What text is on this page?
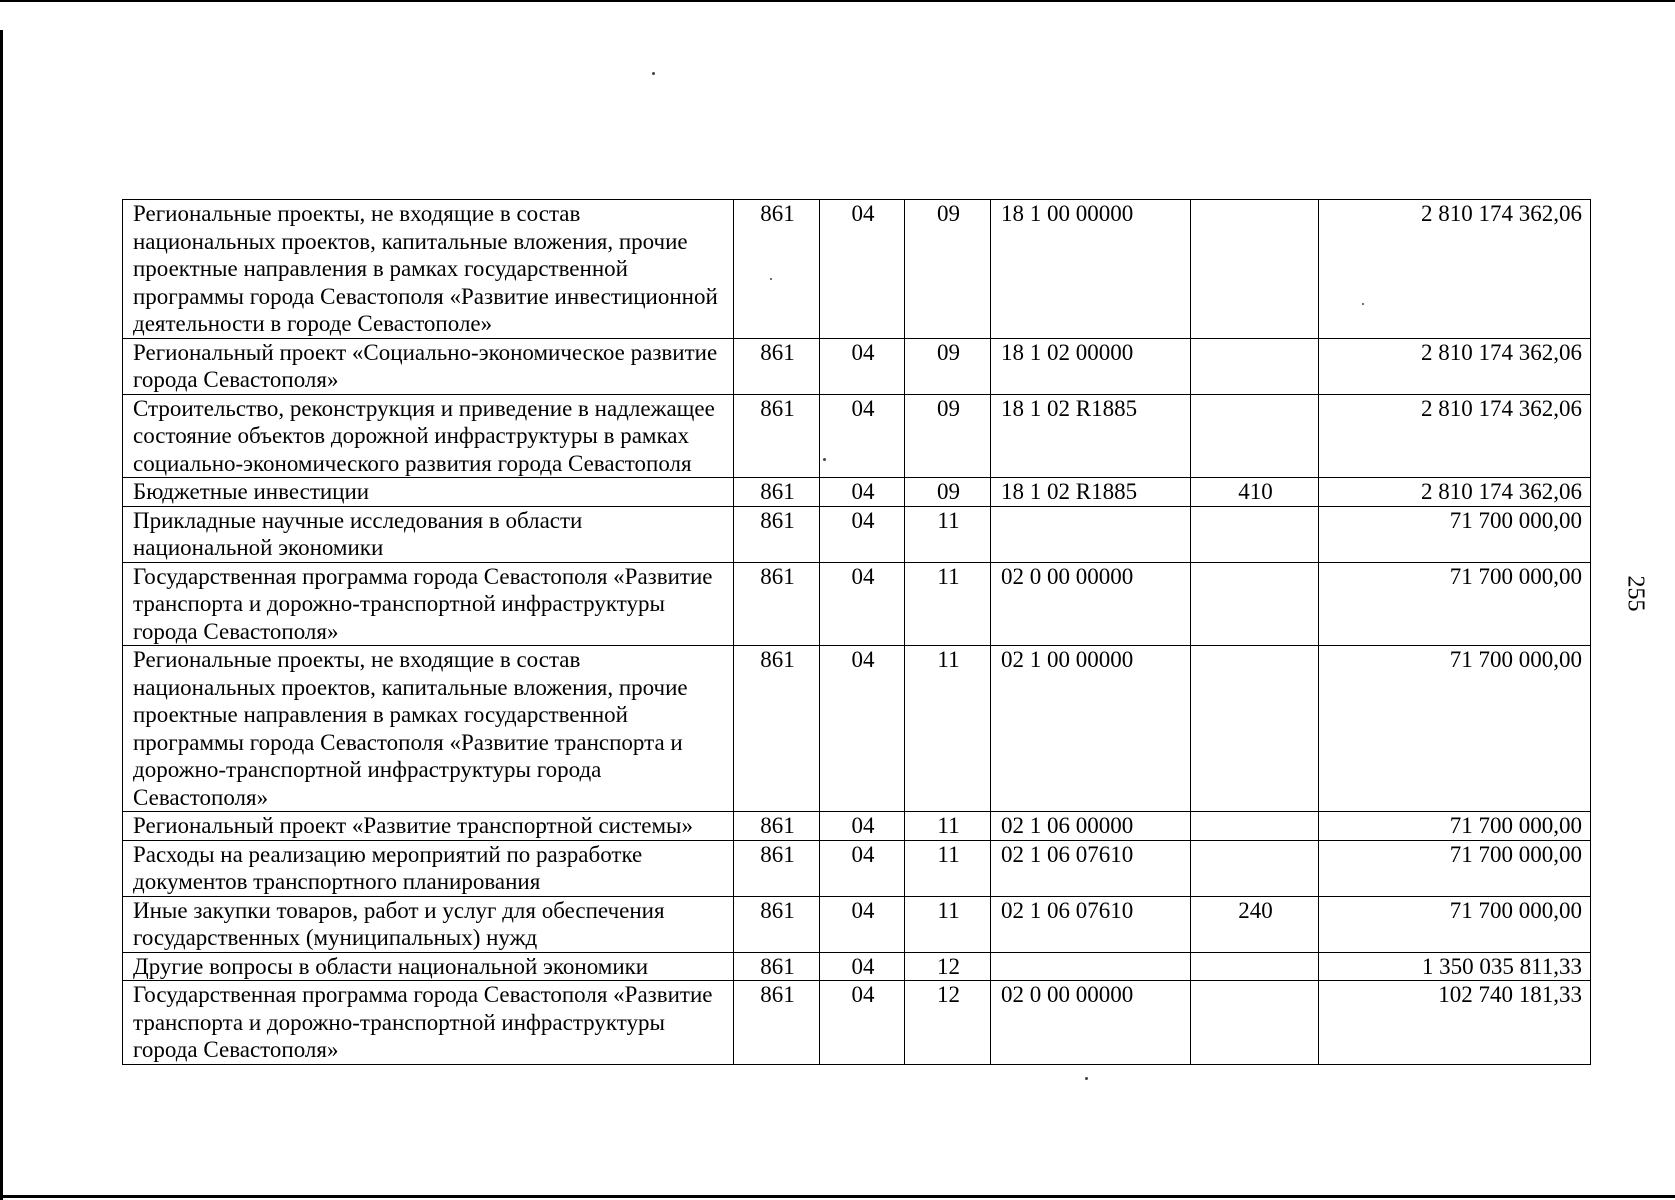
255
Региональные проекты, не входящие в состав национальных проектов, капитальные вложения, прочие проектные направления в рамках государственной программы города Севастополя «Развитие инвестиционной деятельности в городе Севастополе»	861	04	09	18 1 00 00000		2 810 174 362,06
Региональный проект «Социально-экономическое развитие города Севастополя»	861	04	09	18 1 02 00000		2 810 174 362,06
Строительство, реконструкция и приведение в надлежащее состояние объектов дорожной инфраструктуры в рамках социально-экономического развития города Севастополя	861	04	09	18 1 02 R1885		2 810 174 362,06
Бюджетные инвестиции	861	04	09	18 1 02 R1885	410	2 810 174 362,06
Прикладные научные исследования в области национальной экономики	861	04	11			71 700 000,00
Государственная программа города Севастополя «Развитие транспорта и дорожно-транспортной инфраструктуры города Севастополя»	861	04	11	02 0 00 00000		71 700 000,00
Региональные проекты, не входящие в состав национальных проектов, капитальные вложения, прочие проектные направления в рамках государственной программы города Севастополя «Развитие транспорта и дорожно-транспортной инфраструктуры города Севастополя»	861	04	11	02 1 00 00000		71 700 000,00
Региональный проект «Развитие транспортной системы»	861	04	11	02 1 06 00000		71 700 000,00
Расходы на реализацию мероприятий по разработке документов транспортного планирования	861	04	11	02 1 06 07610		71 700 000,00
Иные закупки товаров, работ и услуг для обеспечения государственных (муниципальных) нужд	861	04	11	02 1 06 07610	240	71 700 000,00
Другие вопросы в области национальной экономики	861	04	12			1 350 035 811,33
Государственная программа города Севастополя «Развитие транспорта и дорожно-транспортной инфраструктуры города Севастополя»	861	04	12	02 0 00 00000		102 740 181,33
